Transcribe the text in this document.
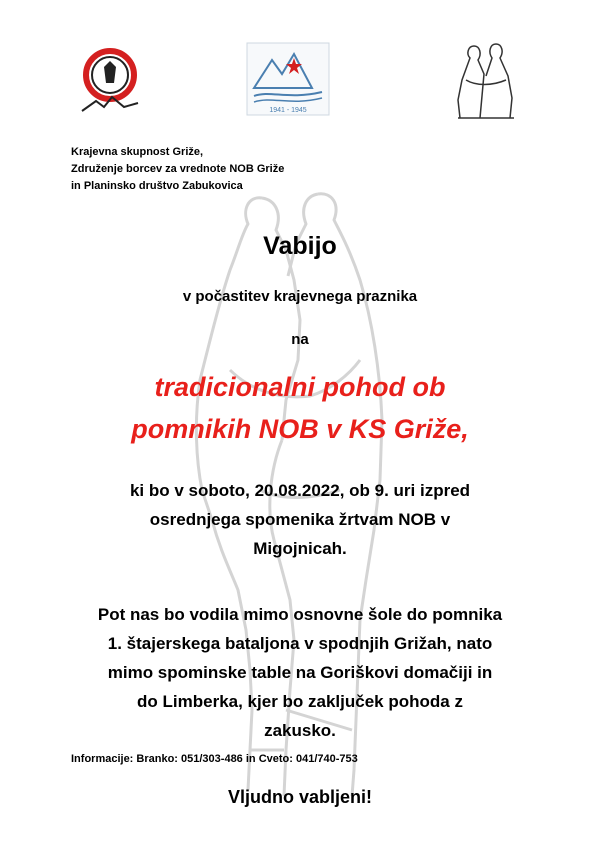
1941 - 1945
Krajevna skupnost Griže,
Združenje borcev za vrednote NOB Griže
in Planinsko društvo Zabukovica
Vabijo
v počastitev krajevnega praznika
na
tradicionalni pohod ob
pomnikih NOB v KS Griže,
ki bo v soboto, 20.08.2022, ob 9. uri izpred
osrednjega spomenika žrtvam NOB v
Migojnicah.
Pot nas bo vodila mimo osnovne šole do pomnika
1. štajerskega bataljona v spodnjih Grižah, nato
mimo spominske table na Goriškovi domačiji in
do Limberka, kjer bo zaključek pohoda z
zakusko.
Informacije: Branko: 051/303-486 in Cveto: 041/740-753
Vljudno vabljeni!
